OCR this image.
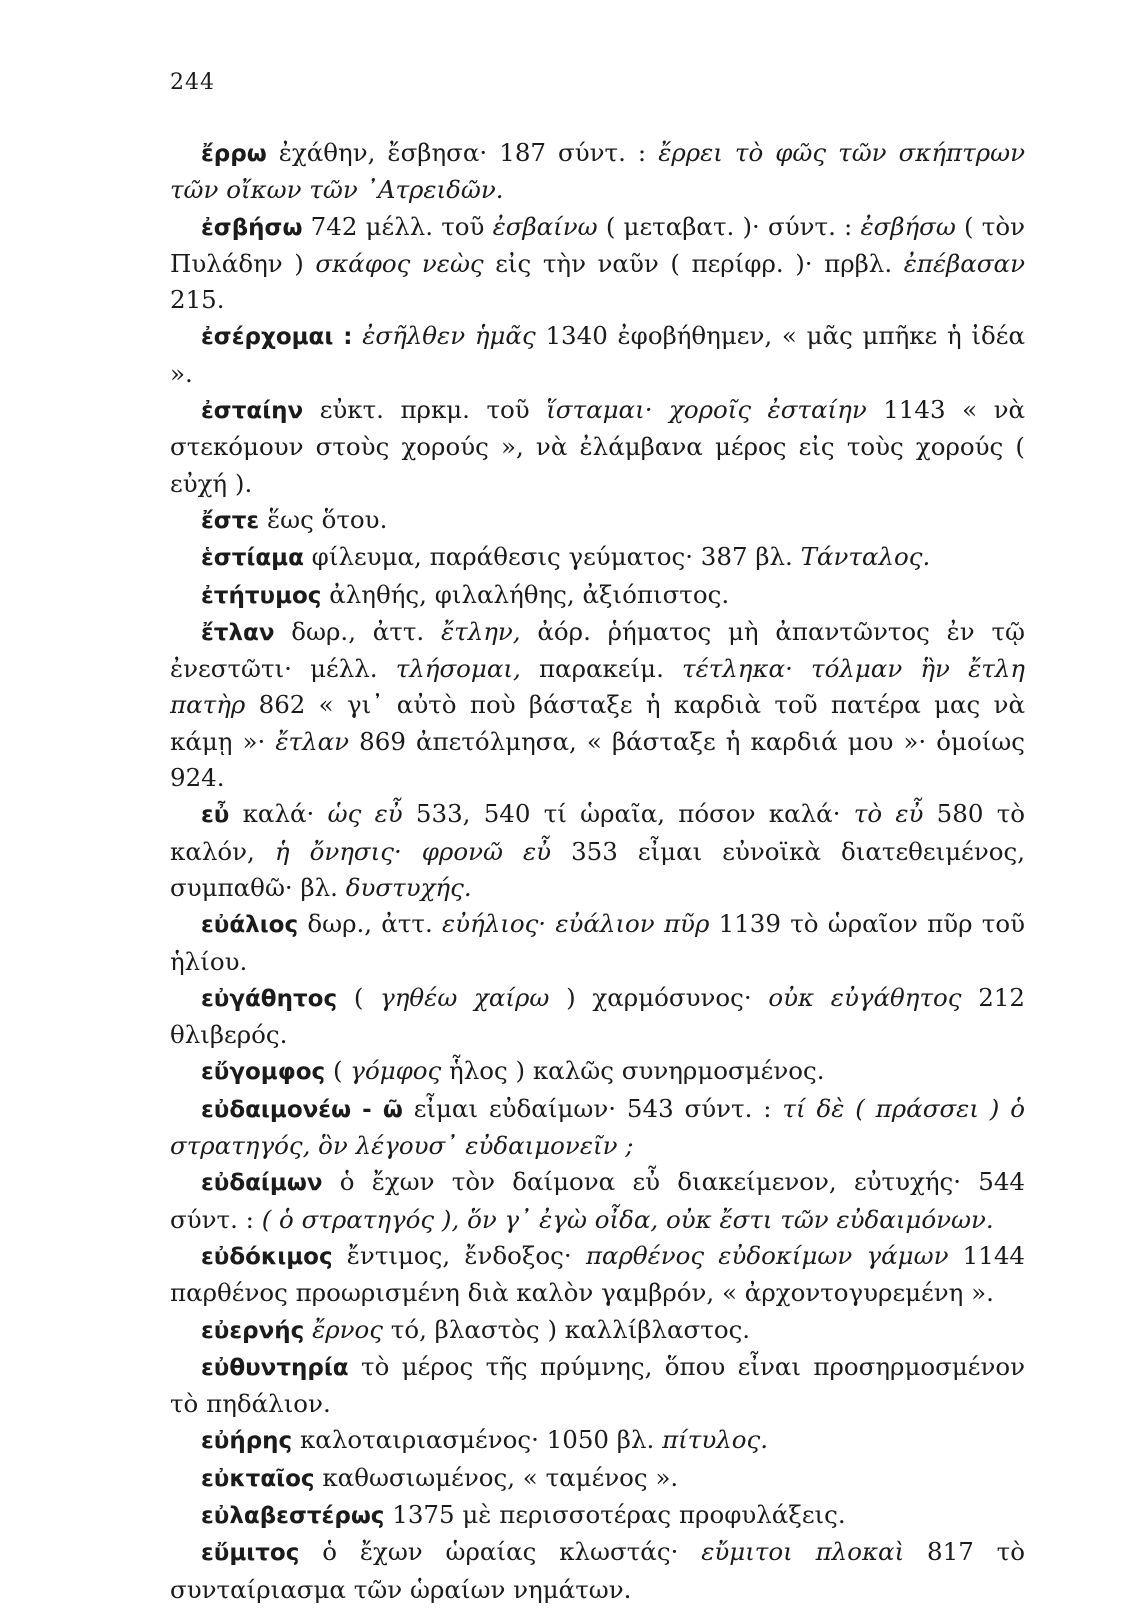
244

ἔρρω ἐχάθην, ἔσβησα· 187 σύντ. : ἔρρει τὸ φῶς τῶν σκήπτρων τῶν οἴκων τῶν ᾿Ατρειδῶν.

ἐσβήσω 742 μέλλ. τοῦ ἐσβαίνω ( μεταβατ. )· σύντ. : ἐσβήσω ( τὸν Πυλάδην ) σκάφος νεὼς εἰς τὴν ναῦν ( περίφρ. )· πρβλ. ἐπέβασαν 215.

ἐσέρχομαι : ἐσῆλθεν ἡμᾶς 1340 ἐφοβήθημεν, « μᾶς μπῆκε ἡ ἰδέα ».

ἐσταίην εὐκτ. πρκμ. τοῦ ἵσταμαι· χοροῖς ἐσταίην 1143 « νὰ στεκόμουν στοὺς χορούς », νὰ ἐλάμβανα μέρος εἰς τοὺς χορούς ( εὐχή ).

ἔστε ἕως ὅτου.

ἑστίαμα φίλευμα, παράθεσις γεύματος· 387 βλ. Τάνταλος.

ἐτήτυμος ἀληθής, φιλαλήθης, ἀξιόπιστος.

ἔτλαν δωρ., ἀττ. ἔτλην, ἀόρ. ῥήματος μὴ ἀπαντῶντος ἐν τῷ ἐνεστῶτι· μέλλ. τλήσομαι, παρακείμ. τέτληκα· τόλμαν ἣν ἔτλη πατὴρ 862 « γι᾿ αὐτὸ ποὺ βάσταξε ἡ καρδιὰ τοῦ πατέρα μας νὰ κάμῃ »· ἔτλαν 869 ἀπετόλμησα, « βάσταξε ἡ καρδιά μου »· ὁμοίως 924.

εὖ καλά· ὡς εὖ 533, 540 τί ὡραῖα, πόσον καλά· τὸ εὖ 580 τὸ καλόν, ἡ ὄνησις· φρονῶ εὖ 353 εἶμαι εὐνοϊκὰ διατεθειμένος, συμπαθῶ· βλ. δυστυχής.

εὐάλιος δωρ., ἀττ. εὐήλιος· εὐάλιον πῦρ 1139 τὸ ὡραῖον πῦρ τοῦ ἡλίου.

εὐγάθητος ( γηθέω χαίρω ) χαρμόσυνος· οὐκ εὐγάθητος 212 θλιβερός.

εὔγομφος ( γόμφος ἧλος ) καλῶς συνηρμοσμένος.

εὐδαιμονέω - ῶ εἶμαι εὐδαίμων· 543 σύντ. : τί δὲ ( πράσσει ) ὁ στρατηγός, ὃν λέγουσ᾿ εὐδαιμονεῖν ;

εὐδαίμων ὁ ἔχων τὸν δαίμονα εὖ διακείμενον, εὐτυχής· 544 σύντ. : ( ὁ στρατηγός ), ὅν γ᾿ ἐγὼ οἶδα, οὐκ ἔστι τῶν εὐδαιμόνων.

εὐδόκιμος ἔντιμος, ἔνδοξος· παρθένος εὐδοκίμων γάμων 1144 παρθένος προωρισμένη διὰ καλὸν γαμβρόν, « ἀρχοντογυρεμένη ».

εὐερνής ἔρνος τό, βλαστὸς ) καλλίβλαστος.

εὐθυντηρία τὸ μέρος τῆς πρύμνης, ὅπου εἶναι προσηρμοσμένον τὸ πηδάλιον.

εὐήρης καλοταιριασμένος· 1050 βλ. πίτυλος.

εὐκταῖος καθωσιωμένος, « ταμένος ».

εὐλαβεστέρως 1375 μὲ περισσοτέρας προφυλάξεις.

εὔμιτος ὁ ἔχων ὡραίας κλωστάς· εὔμιτοι πλοκαὶ 817 τὸ συνταίριασμα τῶν ὡραίων νημάτων.
